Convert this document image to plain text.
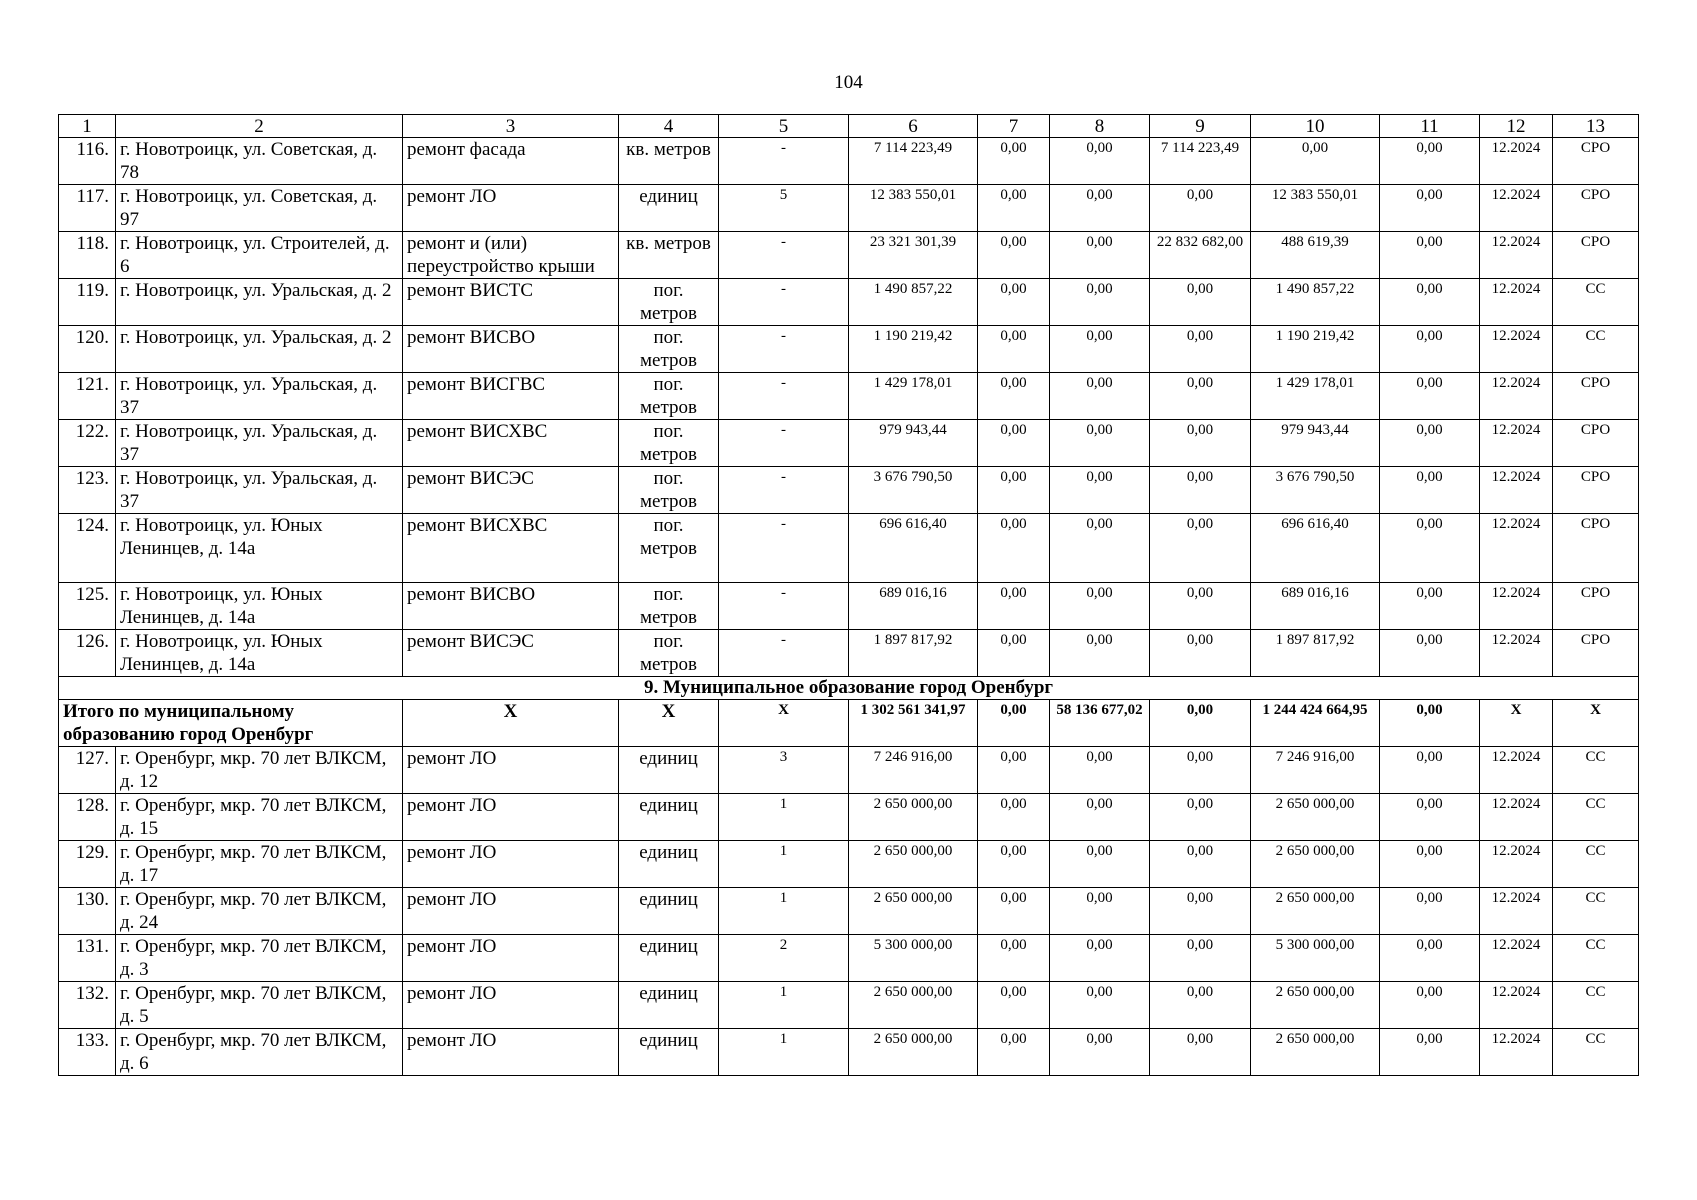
104
1	2	3	4	5	6	7	8	9	10	11	12	13
116.	г. Новотроицк, ул. Советская, д. 78	ремонт фасада	кв. метров	-	7 114 223,49	0,00	0,00	7 114 223,49	0,00	0,00	12.2024	СРО
117.	г. Новотроицк, ул. Советская, д. 97	ремонт ЛО	единиц	5	12 383 550,01	0,00	0,00	0,00	12 383 550,01	0,00	12.2024	СРО
118.	г. Новотроицк, ул. Строителей, д. 6	ремонт и (или) переустройство крыши	кв. метров	-	23 321 301,39	0,00	0,00	22 832 682,00	488 619,39	0,00	12.2024	СРО
119.	г. Новотроицк, ул. Уральская, д. 2	ремонт ВИСТС	пог. метров	-	1 490 857,22	0,00	0,00	0,00	1 490 857,22	0,00	12.2024	СС
120.	г. Новотроицк, ул. Уральская, д. 2	ремонт ВИСВО	пог. метров	-	1 190 219,42	0,00	0,00	0,00	1 190 219,42	0,00	12.2024	СС
121.	г. Новотроицк, ул. Уральская, д. 37	ремонт ВИСГВС	пог. метров	-	1 429 178,01	0,00	0,00	0,00	1 429 178,01	0,00	12.2024	СРО
122.	г. Новотроицк, ул. Уральская, д. 37	ремонт ВИСХВС	пог. метров	-	979 943,44	0,00	0,00	0,00	979 943,44	0,00	12.2024	СРО
123.	г. Новотроицк, ул. Уральская, д. 37	ремонт ВИСЭС	пог. метров	-	3 676 790,50	0,00	0,00	0,00	3 676 790,50	0,00	12.2024	СРО
124.	г. Новотроицк, ул. Юных Ленинцев, д. 14а	ремонт ВИСХВС	пог. метров	-	696 616,40	0,00	0,00	0,00	696 616,40	0,00	12.2024	СРО
125.	г. Новотроицк, ул. Юных Ленинцев, д. 14а	ремонт ВИСВО	пог. метров	-	689 016,16	0,00	0,00	0,00	689 016,16	0,00	12.2024	СРО
126.	г. Новотроицк, ул. Юных Ленинцев, д. 14а	ремонт ВИСЭС	пог. метров	-	1 897 817,92	0,00	0,00	0,00	1 897 817,92	0,00	12.2024	СРО
9. Муниципальное образование город Оренбург												
Итого по муниципальному образованию город Оренбург		Х	Х	Х	1 302 561 341,97	0,00	58 136 677,02	0,00	1 244 424 664,95	0,00	Х	Х
127.	г. Оренбург, мкр. 70 лет ВЛКСМ, д. 12	ремонт ЛО	единиц	3	7 246 916,00	0,00	0,00	0,00	7 246 916,00	0,00	12.2024	СС
128.	г. Оренбург, мкр. 70 лет ВЛКСМ, д. 15	ремонт ЛО	единиц	1	2 650 000,00	0,00	0,00	0,00	2 650 000,00	0,00	12.2024	СС
129.	г. Оренбург, мкр. 70 лет ВЛКСМ, д. 17	ремонт ЛО	единиц	1	2 650 000,00	0,00	0,00	0,00	2 650 000,00	0,00	12.2024	СС
130.	г. Оренбург, мкр. 70 лет ВЛКСМ, д. 24	ремонт ЛО	единиц	1	2 650 000,00	0,00	0,00	0,00	2 650 000,00	0,00	12.2024	СС
131.	г. Оренбург, мкр. 70 лет ВЛКСМ, д. 3	ремонт ЛО	единиц	2	5 300 000,00	0,00	0,00	0,00	5 300 000,00	0,00	12.2024	СС
132.	г. Оренбург, мкр. 70 лет ВЛКСМ, д. 5	ремонт ЛО	единиц	1	2 650 000,00	0,00	0,00	0,00	2 650 000,00	0,00	12.2024	СС
133.	г. Оренбург, мкр. 70 лет ВЛКСМ, д. 6	ремонт ЛО	единиц	1	2 650 000,00	0,00	0,00	0,00	2 650 000,00	0,00	12.2024	СС
